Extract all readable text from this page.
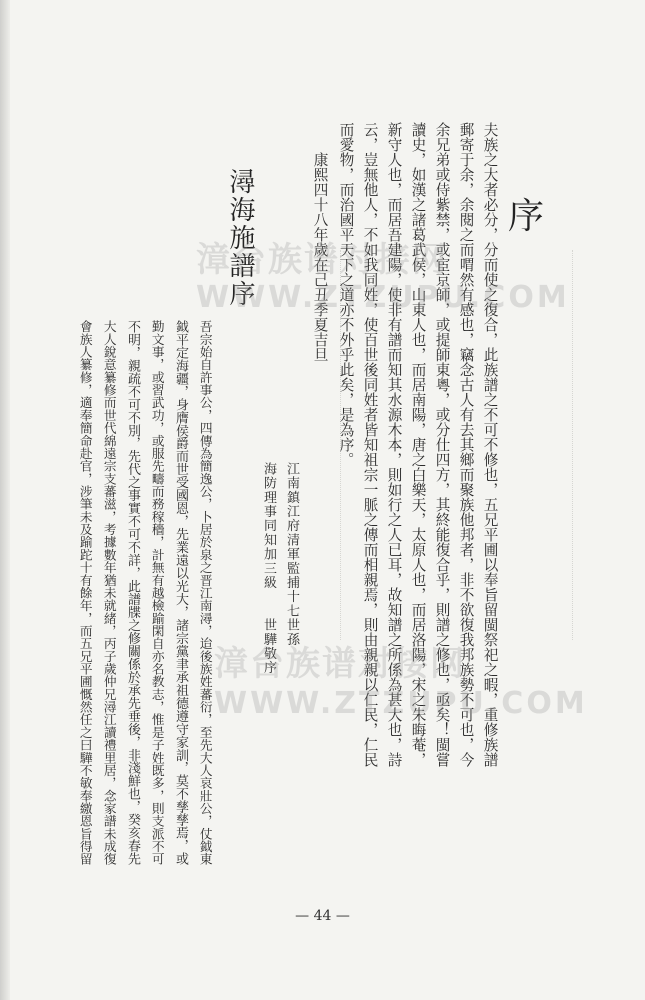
序
夫族之大者必分，分而使之復合，此族譜之不可不修也，五兄平圃以奉旨留閩祭祀之暇，重修族譜
郵寄于余，余閱之而喟然有感也，竊念古人有去其鄉而聚族他邦者，非不欲復我邦族勢不可也，今
余兄弟或侍紫禁，或宦京師，或提師東粵，或分仕四方，其終能復合乎，則譜之修也，亟矣！閩嘗
讀史，如漢之諸葛武侯，山東人也，而居南陽，唐之白樂天，太原人也，而居洛陽，宋之朱晦菴，
新守人也，而居吾建陽，使非有譜而知其水源木本，則如行之人已耳，故知譜之所係為甚大也，詩
云，豈無他人，不如我同姓，使百世後同姓者皆知祖宗一脈之傳而相親焉，則由親親以仁民，仁民
而愛物，而治國平天下之道亦不外乎此矣，是為序。
康熙四十八年歲在己丑季夏吉旦
江南鎮江府清軍監捕十七世孫
海防理事同知加三級　　世驊敬序
潯海施譜序
吾宗始自許事公，四傳為簡逸公，卜居於泉之晋江南潯，迨後族姓蕃衍，至先大人哀壯公，仗鉞東
鉞平定海疆，身膺侯爵而世受國恩，先業遠以光大，諸宗黨聿承祖德遵守家訓，莫不孳孳焉，或
勤文事，或習武功，或服先疇而務稼穡，計無有越檢踰閑自亦名教志，惟是子姓既多，則支派不可
不明，親疏不可不別，先代之事實不可不詳，此譜牒之修關係於承先垂後，非淺鮮也，癸亥春先
大人銳意纂修而世代綿遠宗支蕃滋，考據數年猶未就緒，丙子歲仲兄潯江讀禮里居，念家譜未成復
會族人纂修，適奉簡命赴官，涉筆未及踰跎十有餘年，而五兄平圃慨然任之曰驊不敏奉繳恩旨得留
漳台族谱对接网
WWW.ZTZUPU.COM
漳台族谱对接网
WWW.ZTZUPU.COM
— 44 —
